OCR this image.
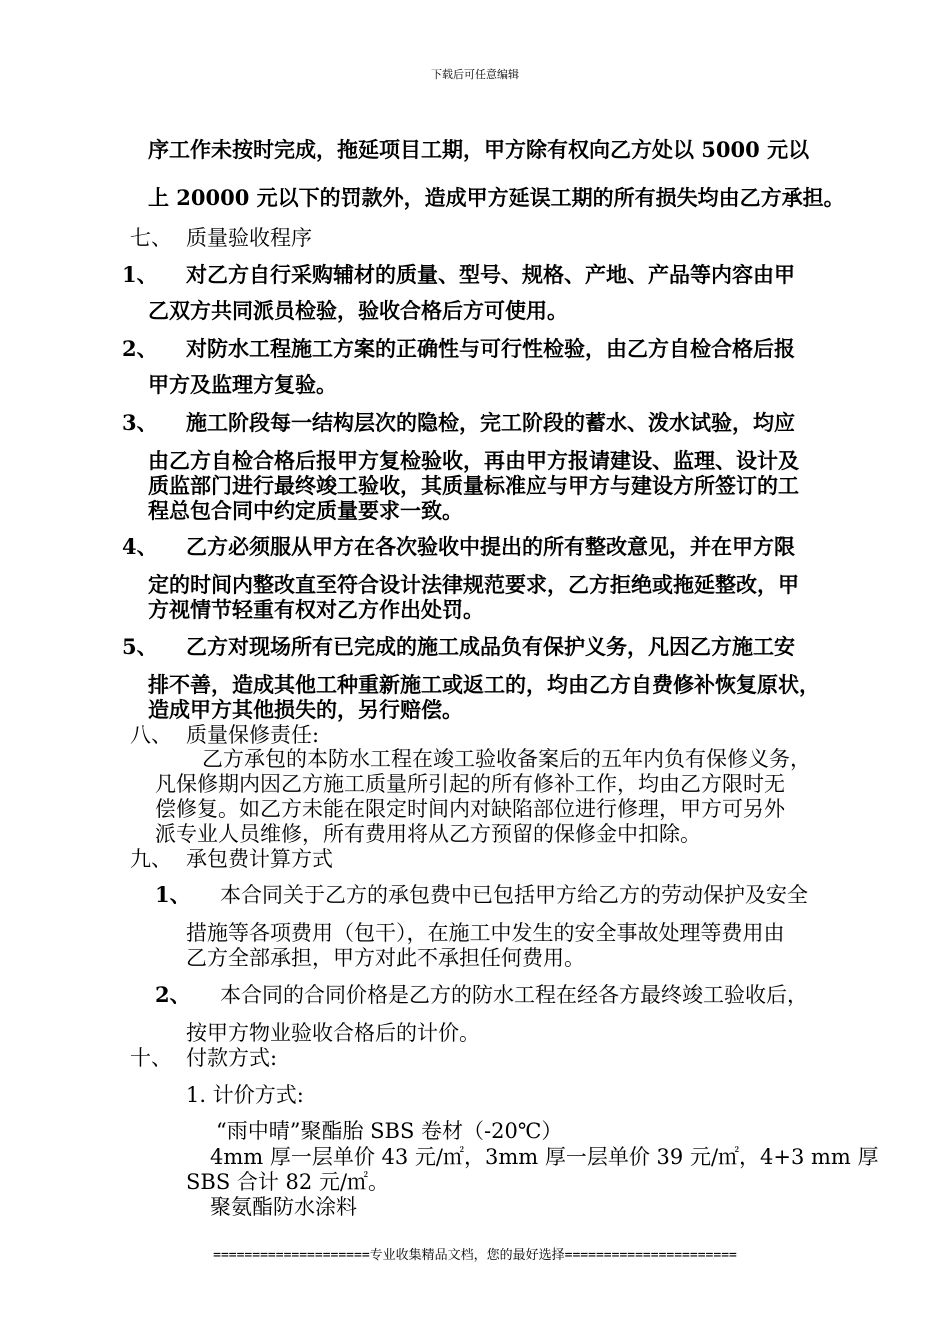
下载后可任意编辑
序工作未按时完成，拖延项目工期，甲方除有权向乙方处以 5000 元以
上 20000 元以下的罚款外，造成甲方延误工期的所有损失均由乙方承担。
七、 质量验收程序
1、 对乙方自行采购辅材的质量、型号、规格、产地、产品等内容由甲
乙双方共同派员检验，验收合格后方可使用。
2、 对防水工程施工方案的正确性与可行性检验，由乙方自检合格后报
甲方及监理方复验。
3、 施工阶段每一结构层次的隐检，完工阶段的蓄水、泼水试验，均应
由乙方自检合格后报甲方复检验收，再由甲方报请建设、监理、设计及
质监部门进行最终竣工验收，其质量标准应与甲方与建设方所签订的工
程总包合同中约定质量要求一致。
4、 乙方必须服从甲方在各次验收中提出的所有整改意见，并在甲方限
定的时间内整改直至符合设计法律规范要求，乙方拒绝或拖延整改，甲
方视情节轻重有权对乙方作出处罚。
5、 乙方对现场所有已完成的施工成品负有保护义务，凡因乙方施工安
排不善，造成其他工种重新施工或返工的，均由乙方自费修补恢复原状，
造成甲方其他损失的，另行赔偿。
八、 质量保修责任:
乙方承包的本防水工程在竣工验收备案后的五年内负有保修义务，
凡保修期内因乙方施工质量所引起的所有修补工作，均由乙方限时无
偿修复。如乙方未能在限定时间内对缺陷部位进行修理，甲方可另外
派专业人员维修，所有费用将从乙方预留的保修金中扣除。
九、 承包费计算方式
1、 本合同关于乙方的承包费中已包括甲方给乙方的劳动保护及安全
措施等各项费用（包干），在施工中发生的安全事故处理等费用由
乙方全部承担，甲方对此不承担任何费用。
2、 本合同的合同价格是乙方的防水工程在经各方最终竣工验收后，
按甲方物业验收合格后的计价。
十、 付款方式:
1. 计价方式:
“雨中晴”聚酯胎 SBS 卷材（-20℃）
4mm 厚一层单价 43 元/㎡，3mm 厚一层单价 39 元/㎡，4+3 mm 厚
SBS 合计 82 元/㎡。
聚氨酯防水涂料
====================专业收集精品文档，您的最好选择======================
